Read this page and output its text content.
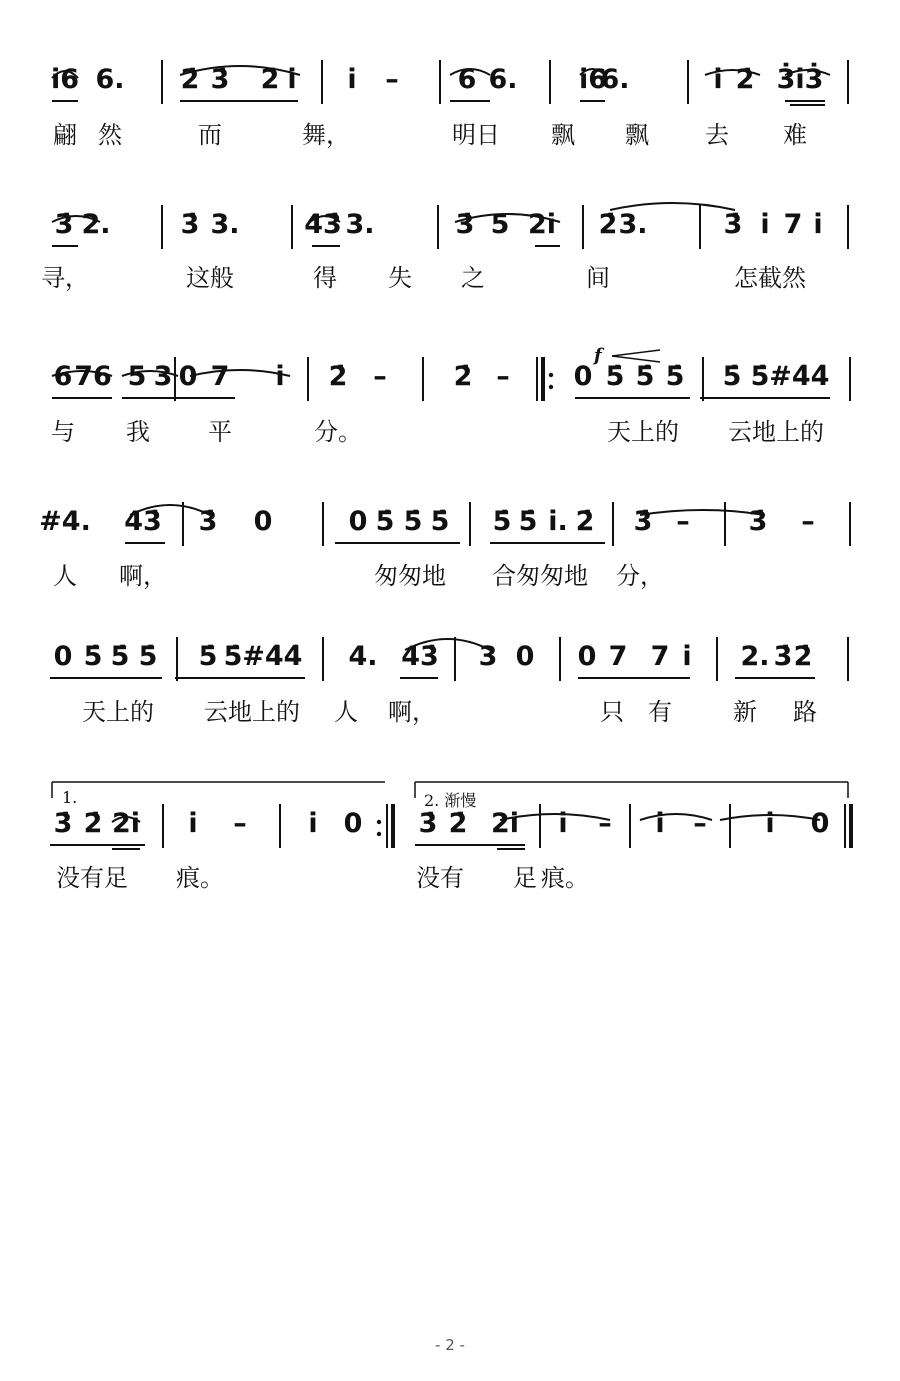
i6 6. 2̇ 3̇ 2̇ i i – 6 6. i6
6.	i 2̇ 3̇i3̇
翩 然	而	舞，	明日 飘 飘 去 难
3̇ 2.	3̇ 3. 43̇ 3.	3̇ 5 2i 2̇ 3.	3̇ i 7 i
寻，	这般	得 失 之	间	怎截然
6 76 5 3 0 7 i 2̇ – 2̇ – 0 5̇ 5̇ 5̇ 5̇ 5̇ #4̇ 4̇
与 我 平	分。	天上的 云地上的
#4. 43̇ 3̇ 0	0 5̇ 5̇ 5̇ 5̇ 5̇ i. 2̇ 3̇ – 3̇ –
人 啊，	匆匆地 合匆匆地 分，
0 5̇ 5̇ 5̇ 5̇ 5̇ #4̇ 4̇ 4. 43̇ 3 0 0 7 7 i 2. 3̇ 2̇
天上的 云地上的 人 啊，	只 有	新 路
3̇ 2̇ 2i i – i 0 3̇ 2̇ 2i i – i – i 0
没有足 痕。	没有 足 痕。
1.	2. 渐慢
f
- 2 -
